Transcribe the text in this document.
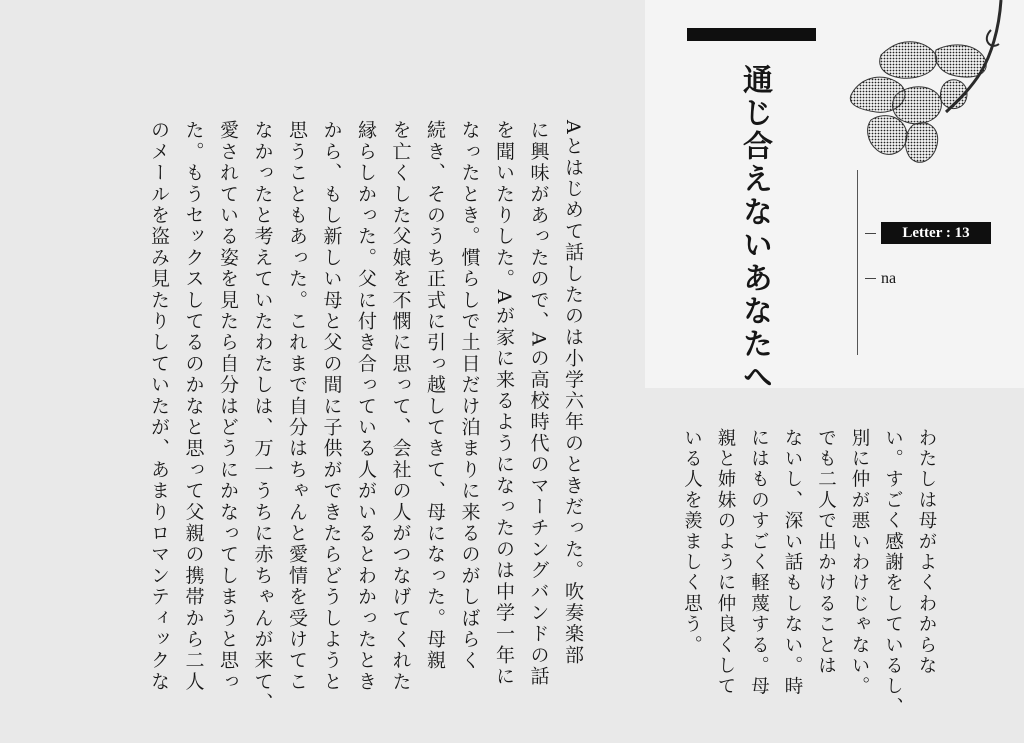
Aとはじめて話したのは小学六年のときだった。吹奏楽部
に興味があったので、Aの高校時代のマーチングバンドの話
を聞いたりした。Aが家に来るようになったのは中学一年に
なったとき。慣らしで土日だけ泊まりに来るのがしばらく
続き、そのうち正式に引っ越してきて、母になった。母親
を亡くした父娘を不憫に思って、会社の人がつなげてくれた
縁らしかった。父に付き合っている人がいるとわかったとき
から、もし新しい母と父の間に子供ができたらどうしようと
思うこともあった。これまで自分はちゃんと愛情を受けてこ
なかったと考えていたわたしは、万一うちに赤ちゃんが来て、
愛されている姿を見たら自分はどうにかなってしまうと思っ
た。もうセックスしてるのかなと思って父親の携帯から二人
のメールを盗み見たりしていたが、あまりロマンティックな	わたしは母がよくわからな
い。すごく感謝をしているし、
別に仲が悪いわけじゃない。
でも二人で出かけることは
ないし、深い話もしない。時
にはものすごく軽蔑する。母
親と姉妹のように仲良くして
いる人を羨ましく思う。
通じ合えないあなたへ	Letter : 13
na
